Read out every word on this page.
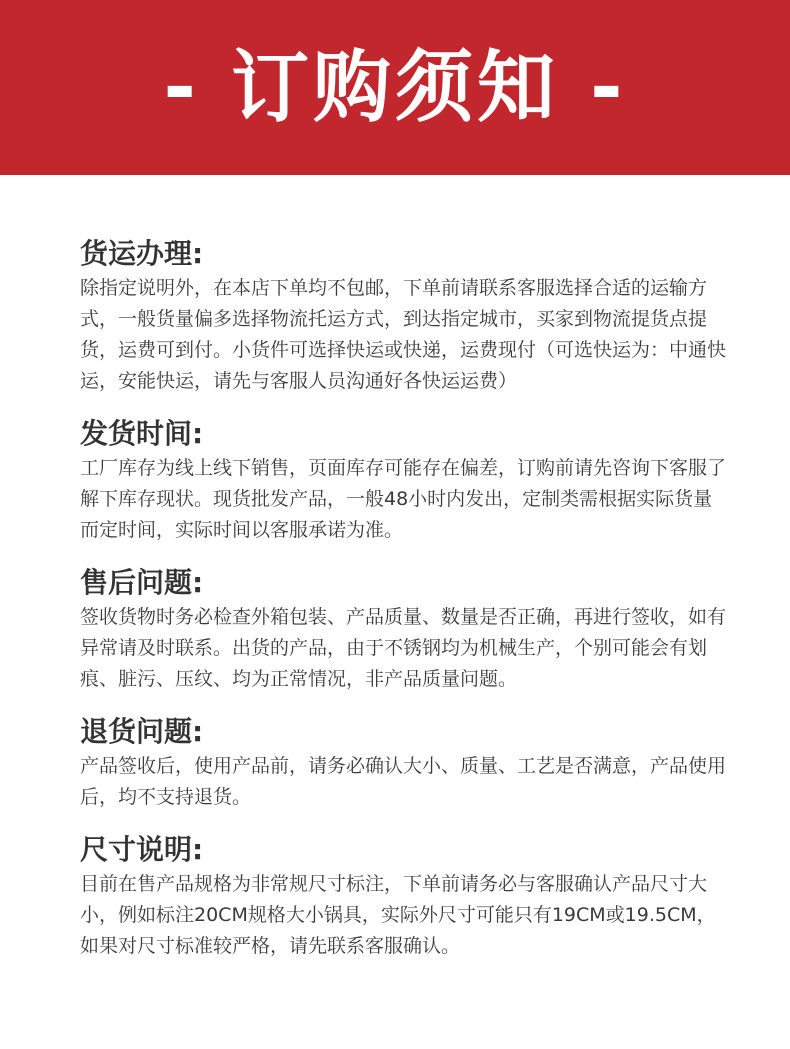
- 订购须知 -
货运办理:

除指定说明外，在本店下单均不包邮，下单前请联系客服选择合适的运输方式，一般货量偏多选择物流托运方式，到达指定城市，买家到物流提货点提货，运费可到付。小货件可选择快运或快递，运费现付（可选快运为：中通快运，安能快运，请先与客服人员沟通好各快运运费）

发货时间:

工厂库存为线上线下销售，页面库存可能存在偏差，订购前请先咨询下客服了解下库存现状。现货批发产品，一般48小时内发出，定制类需根据实际货量而定时间，实际时间以客服承诺为准。

售后问题:

签收货物时务必检查外箱包装、产品质量、数量是否正确，再进行签收，如有异常请及时联系。出货的产品，由于不锈钢均为机械生产，个别可能会有划痕、脏污、压纹、均为正常情况，非产品质量问题。

退货问题:

产品签收后，使用产品前，请务必确认大小、质量、工艺是否满意，产品使用后，均不支持退货。

尺寸说明:

目前在售产品规格为非常规尺寸标注，下单前请务必与客服确认产品尺寸大小，例如标注20CM规格大小锅具，实际外尺寸可能只有19CM或19.5CM，如果对尺寸标准较严格，请先联系客服确认。
